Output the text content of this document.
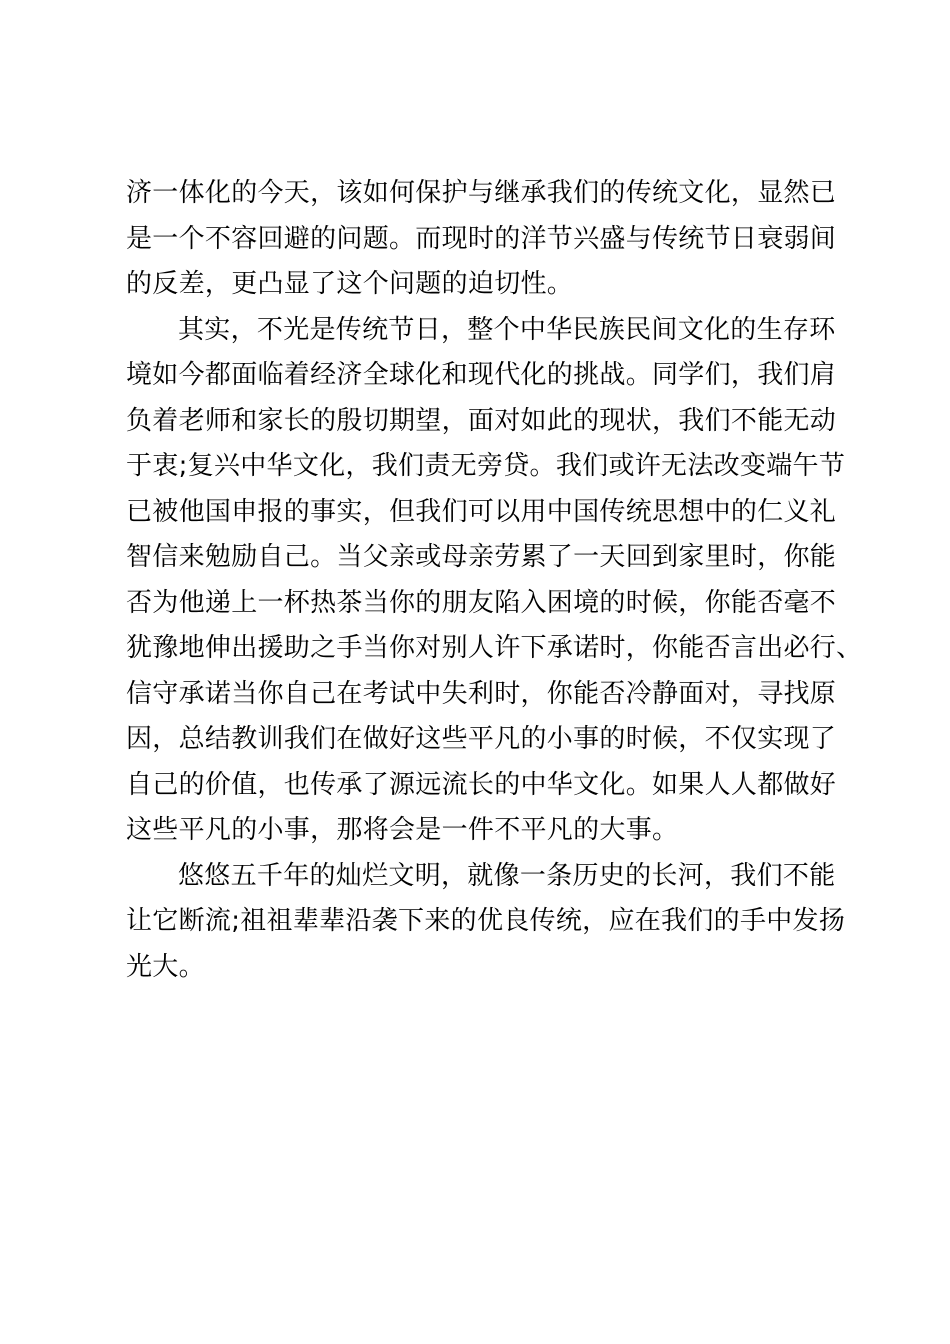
济一体化的今天，该如何保护与继承我们的传统文化，显然已
是一个不容回避的问题。而现时的洋节兴盛与传统节日衰弱间
的反差，更凸显了这个问题的迫切性。
其实，不光是传统节日，整个中华民族民间文化的生存环
境如今都面临着经济全球化和现代化的挑战。同学们，我们肩
负着老师和家长的殷切期望，面对如此的现状，我们不能无动
于衷;复兴中华文化，我们责无旁贷。我们或许无法改变端午节
已被他国申报的事实，但我们可以用中国传统思想中的仁义礼
智信来勉励自己。当父亲或母亲劳累了一天回到家里时，你能
否为他递上一杯热茶当你的朋友陷入困境的时候，你能否毫不
犹豫地伸出援助之手当你对别人许下承诺时，你能否言出必行、
信守承诺当你自己在考试中失利时，你能否冷静面对，寻找原
因，总结教训我们在做好这些平凡的小事的时候，不仅实现了
自己的价值，也传承了源远流长的中华文化。如果人人都做好
这些平凡的小事，那将会是一件不平凡的大事。
悠悠五千年的灿烂文明，就像一条历史的长河，我们不能
让它断流;祖祖辈辈沿袭下来的优良传统，应在我们的手中发扬
光大。
